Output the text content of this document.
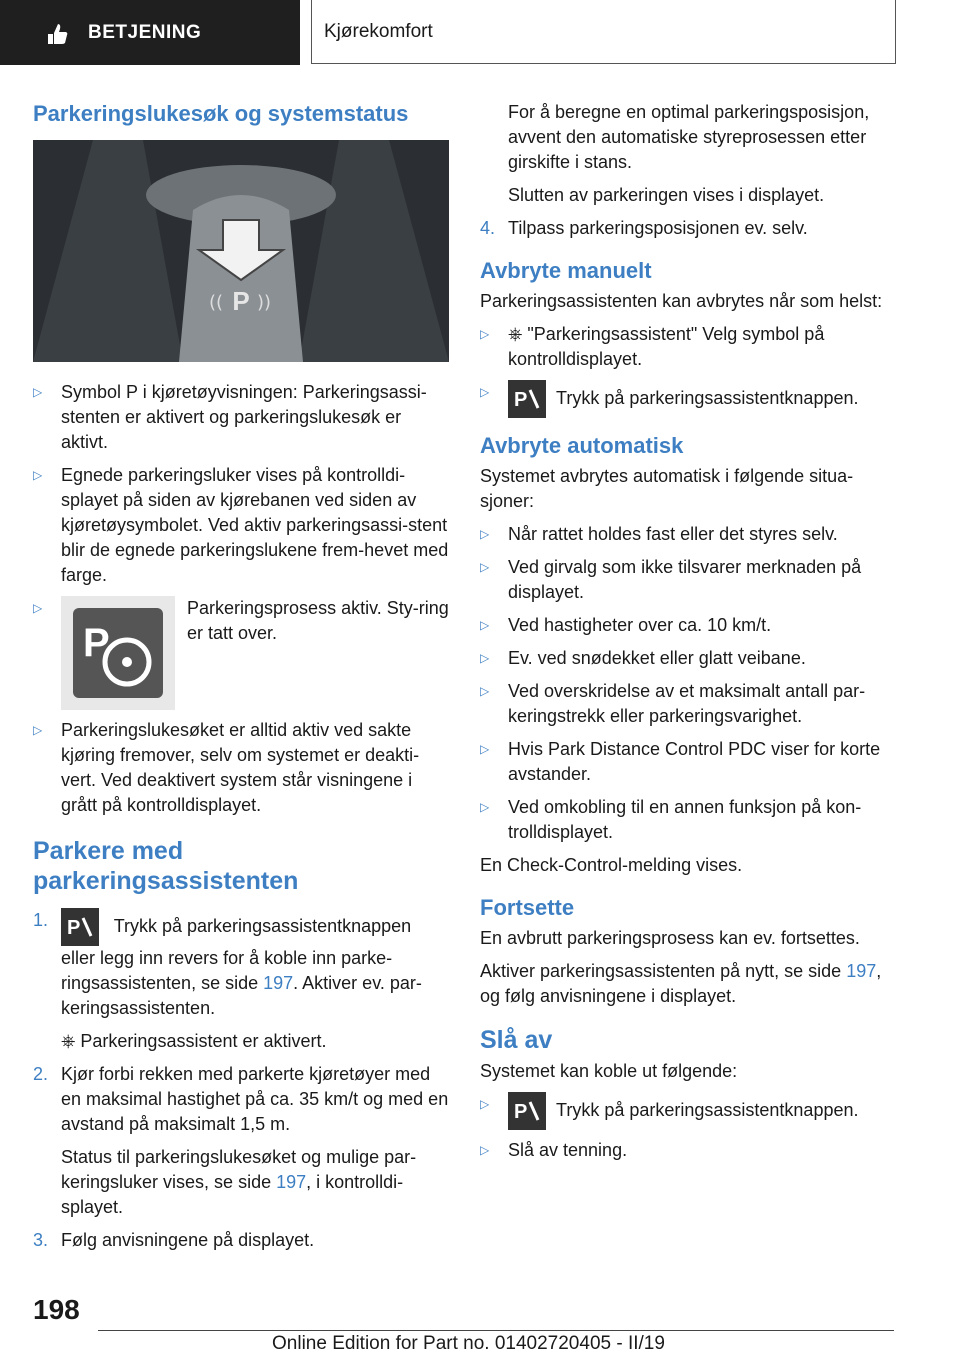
BETJENING	Kjørekomfort
Parkeringslukesøk og systemstatus
P
(( ))
▷ Symbol P i kjøretøyvisningen: Parkeringsassi-stenten er aktivert og parkeringslukesøk er aktivt.
▷ Egnede parkeringsluker vises på kontrolldi-splayet på siden av kjørebanen ved siden av kjøretøysymbolet. Ved aktiv parkeringsassi-stent blir de egnede parkeringslukene frem-hevet med farge.
▷
P
Parkeringsprosess aktiv. Sty-ring er tatt over.
▷ Parkeringslukesøket er alltid aktiv ved sakte kjøring fremover, selv om systemet er deakti-vert. Ved deaktivert system står visningene i grått på kontrolldisplayet.
Parkere med parkeringsassistenten
1. P Trykk på parkeringsassistentknappen eller legg inn revers for å koble inn parke-ringsassistenten, se side 197. Aktiver ev. par-keringsassistenten.
⎈ Parkeringsassistent er aktivert.
2. Kjør forbi rekken med parkerte kjøretøyer med en maksimal hastighet på ca. 35 km/t og med en avstand på maksimalt 1,5 m.
Status til parkeringslukesøket og mulige par-keringsluker vises, se side 197, i kontrolldi-splayet.
3. Følg anvisningene på displayet.

For å beregne en optimal parkeringsposisjon, avvent den automatiske styreprosessen etter girskifte i stans.

Slutten av parkeringen vises i displayet.

4. Tilpass parkeringsposisjonen ev. selv.
Avbryte manuelt

Parkeringsassistenten kan avbrytes når som helst:

▷ ⎈ "Parkeringsassistent" Velg symbol på kontrolldisplayet.
▷ P Trykk på parkeringsassistentknappen.
Avbryte automatisk

Systemet avbrytes automatisk i følgende situa-sjoner:

▷ Når rattet holdes fast eller det styres selv.
▷ Ved girvalg som ikke tilsvarer merknaden på displayet.
▷ Ved hastigheter over ca. 10 km/t.
▷ Ev. ved snødekket eller glatt veibane.
▷ Ved overskridelse av et maksimalt antall par-keringstrekk eller parkeringsvarighet.
▷ Hvis Park Distance Control PDC viser for korte avstander.
▷ Ved omkobling til en annen funksjon på kon-trolldisplayet.

En Check-Control-melding vises.

Fortsette

En avbrutt parkeringsprosess kan ev. fortsettes.

Aktiver parkeringsassistenten på nytt, se side 197, og følg anvisningene i displayet.

Slå av

Systemet kan koble ut følgende:

▷ P Trykk på parkeringsassistentknappen.
▷ Slå av tenning.
198
Online Edition for Part no. 01402720405 - II/19
